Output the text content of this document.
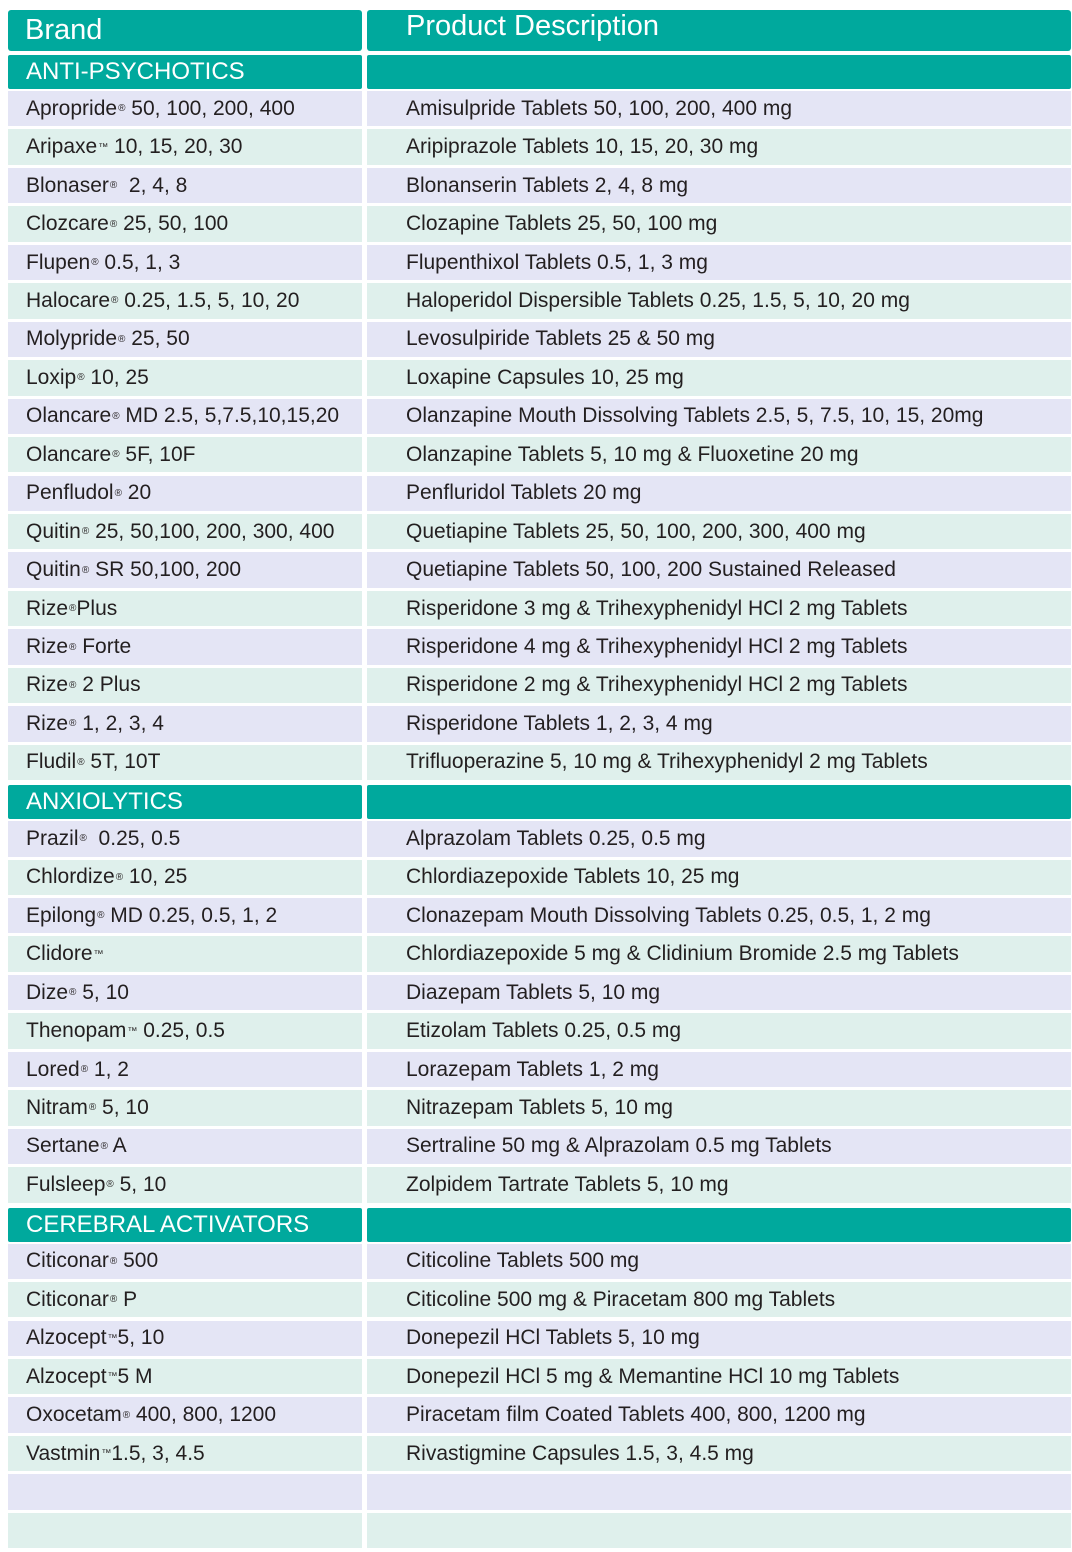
Brand	Product Description
ANTI-PSYCHOTICS
Apropride ® 50, 100, 200, 400	Amisulpride Tablets 50, 100, 200, 400 mg
Aripaxe ™ 10, 15, 20, 30	Aripiprazole Tablets 10, 15, 20, 30 mg
Blonaser ® 2, 4, 8	Blonanserin Tablets 2, 4, 8 mg
Clozcare ® 25, 50, 100	Clozapine Tablets 25, 50, 100 mg
Flupen ® 0.5, 1, 3	Flupenthixol Tablets 0.5, 1, 3 mg
Halocare ® 0.25, 1.5, 5, 10, 20	Haloperidol Dispersible Tablets 0.25, 1.5, 5, 10, 20 mg
Molypride ® 25, 50	Levosulpiride Tablets 25 & 50 mg
Loxip ® 10, 25	Loxapine Capsules 10, 25 mg
Olancare ® MD 2.5, 5,7.5,10,15,20	Olanzapine Mouth Dissolving Tablets 2.5, 5, 7.5, 10, 15, 20mg
Olancare ® 5F, 10F	Olanzapine Tablets 5, 10 mg & Fluoxetine 20 mg
Penfludol ® 20	Penfluridol Tablets 20 mg
Quitin ® 25, 50,100, 200, 300, 400	Quetiapine Tablets 25, 50, 100, 200, 300, 400 mg
Quitin ® SR 50,100, 200	Quetiapine Tablets 50, 100, 200 Sustained Released
Rize ® Plus	Risperidone 3 mg & Trihexyphenidyl HCl 2 mg Tablets
Rize ® Forte	Risperidone 4 mg & Trihexyphenidyl HCl 2 mg Tablets
Rize ® 2 Plus	Risperidone 2 mg & Trihexyphenidyl HCl 2 mg Tablets
Rize ® 1, 2, 3, 4	Risperidone Tablets 1, 2, 3, 4 mg
Fludil ® 5T, 10T	Trifluoperazine 5, 10 mg & Trihexyphenidyl 2 mg Tablets
ANXIOLYTICS
Prazil ® 0.25, 0.5	Alprazolam Tablets 0.25, 0.5 mg
Chlordize ® 10, 25	Chlordiazepoxide Tablets 10, 25 mg
Epilong ® MD 0.25, 0.5, 1, 2	Clonazepam Mouth Dissolving Tablets 0.25, 0.5, 1, 2 mg
Clidore ™	Chlordiazepoxide 5 mg & Clidinium Bromide 2.5 mg Tablets
Dize ® 5, 10	Diazepam Tablets 5, 10 mg
Thenopam ™ 0.25, 0.5	Etizolam Tablets 0.25, 0.5 mg
Lored ® 1, 2	Lorazepam Tablets 1, 2 mg
Nitram ® 5, 10	Nitrazepam Tablets 5, 10 mg
Sertane ® A	Sertraline 50 mg & Alprazolam 0.5 mg Tablets
Fulsleep ® 5, 10	Zolpidem Tartrate Tablets 5, 10 mg
CEREBRAL ACTIVATORS
Citiconar ® 500	Citicoline Tablets 500 mg
Citiconar ® P	Citicoline 500 mg & Piracetam 800 mg Tablets
Alzocept ™ 5, 10	Donepezil HCl Tablets 5, 10 mg
Alzocept ™ 5 M	Donepezil HCl 5 mg & Memantine HCl 10 mg Tablets
Oxocetam ® 400, 800, 1200	Piracetam film Coated Tablets 400, 800, 1200 mg
Vastmin ™ 1.5, 3, 4.5	Rivastigmine Capsules 1.5, 3, 4.5 mg
